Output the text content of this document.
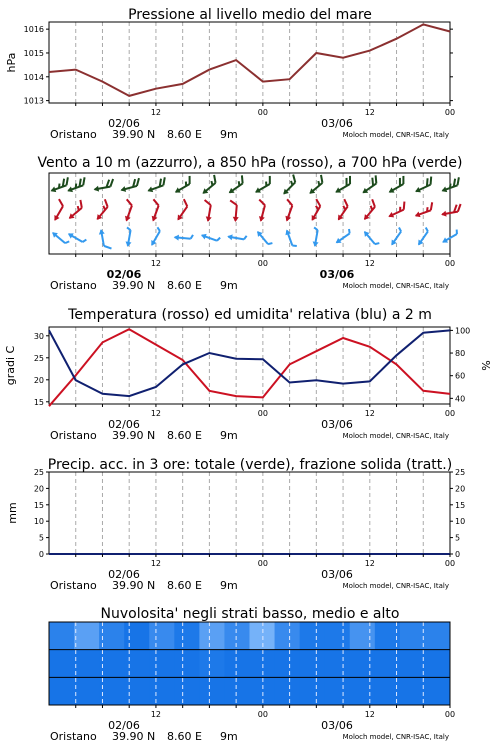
Pressione al livello medio del mare
1013
1014
1015
1016
hPa
12	00	12	00
02/06	03/06
Oristano 39.90 N 8.60 E 9m	Moloch model, CNR-ISAC, Italy
Vento a 10 m (azzurro), a 850 hPa (rosso), a 700 hPa (verde)
12	00	12	00
02/06	03/06
Oristano 39.90 N 8.60 E 9m	Moloch model, CNR-ISAC, Italy
Temperatura (rosso) ed umidita' relativa (blu) a 2 m
15
20
25
30
40
60
80
100
gradi C	%
12	00	12	00
02/06	03/06
Oristano 39.90 N 8.60 E 9m	Moloch model, CNR-ISAC, Italy
Precip. acc. in 3 ore: totale (verde), frazione solida (tratt.)
0	0
5	5
10	10
15	15
20	20
25	25
mm
12	00	12	00
02/06	03/06
Oristano 39.90 N 8.60 E 9m	Moloch model, CNR-ISAC, Italy
Nuvolosita' negli strati basso, medio e alto
12	00	12	00
02/06	03/06
Oristano 39.90 N 8.60 E 9m	Moloch model, CNR-ISAC, Italy
